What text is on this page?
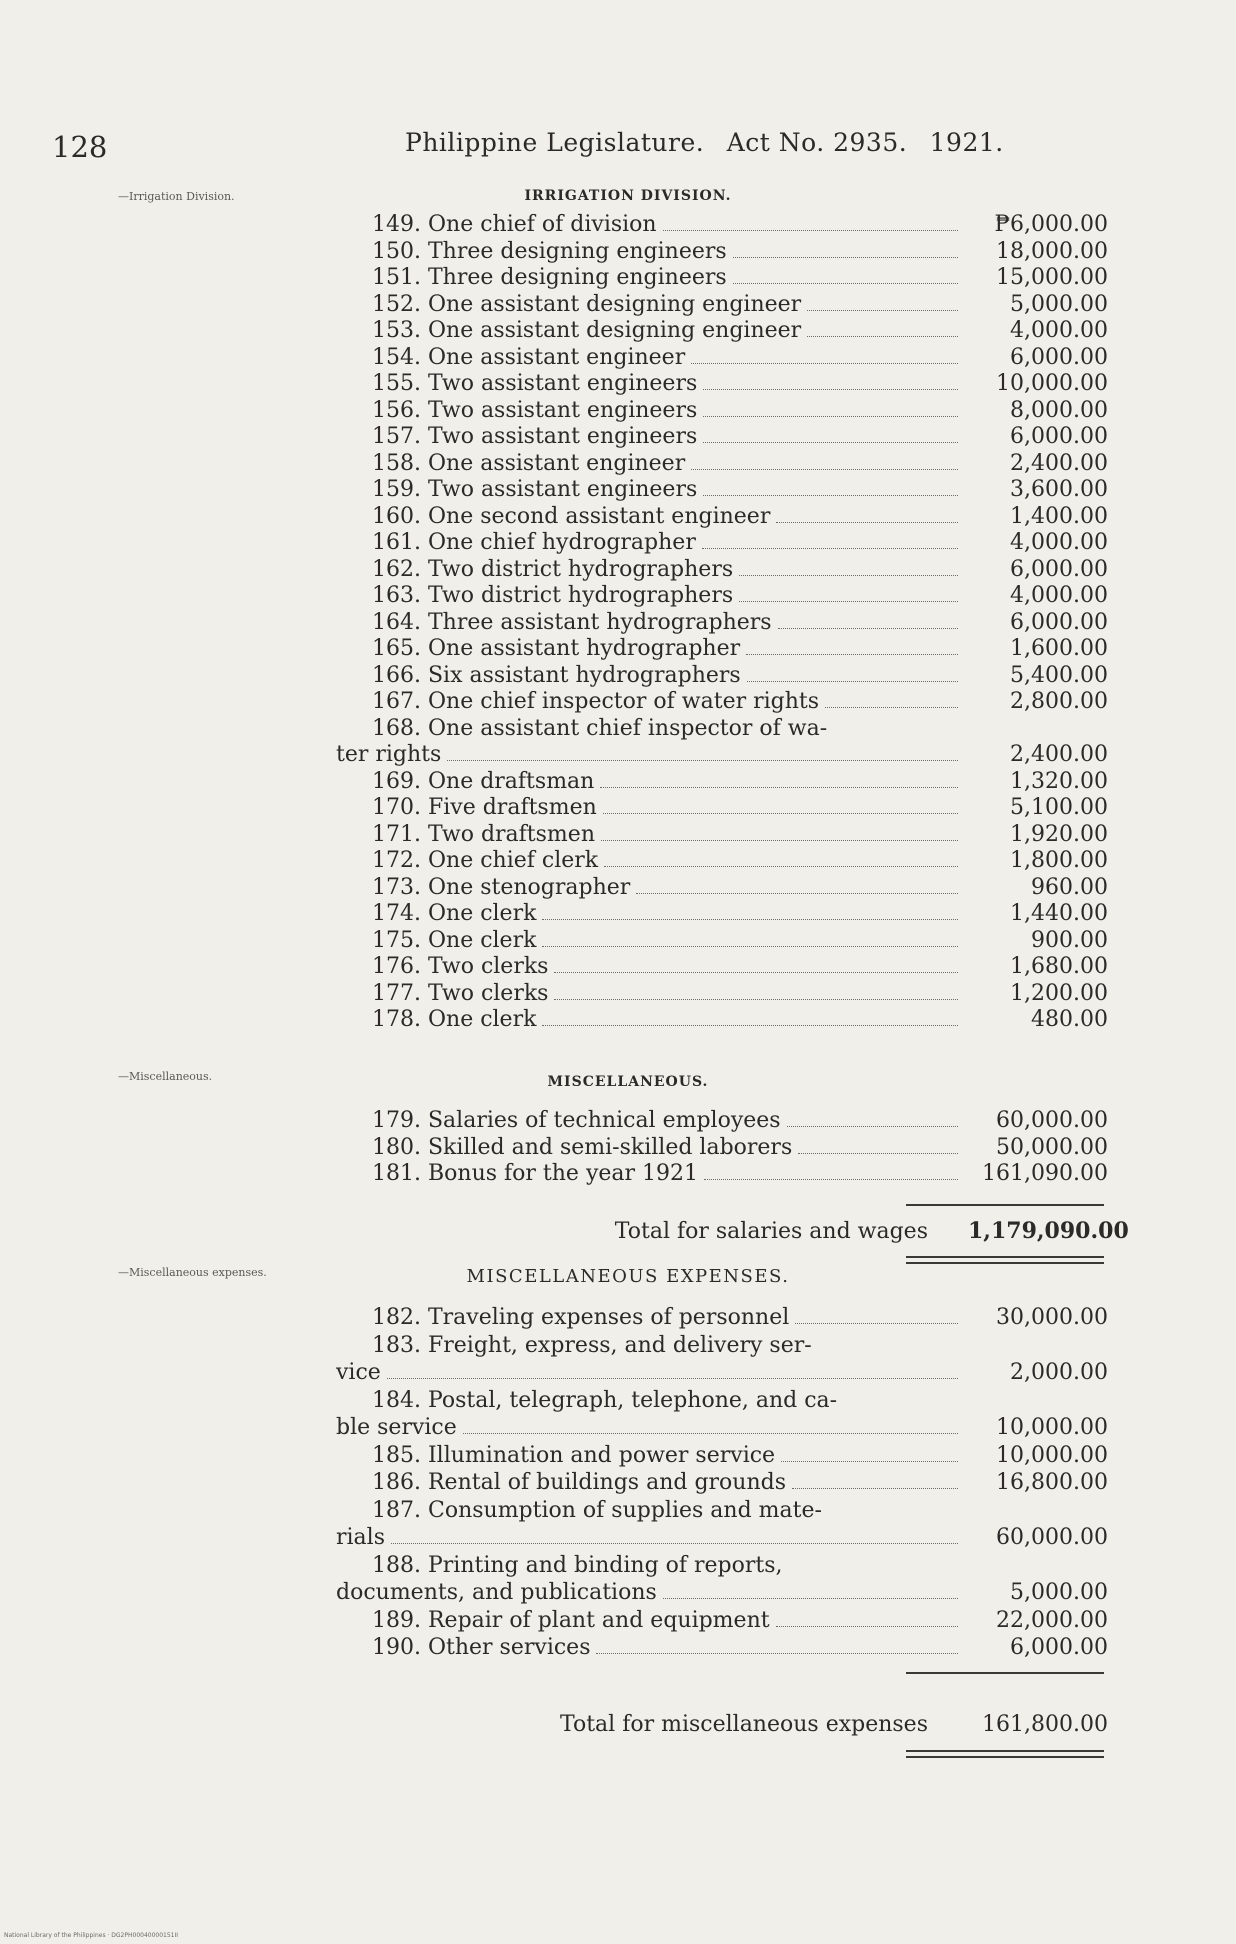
128	Philippine Legislature. Act No. 2935. 1921.
—Irrigation Division.	IRRIGATION DIVISION.
149. One chief of division	₱6,000.00
150. Three designing engineers	18,000.00
151. Three designing engineers	15,000.00
152. One assistant designing engineer	5,000.00
153. One assistant designing engineer	4,000.00
154. One assistant engineer	6,000.00
155. Two assistant engineers	10,000.00
156. Two assistant engineers	8,000.00
157. Two assistant engineers	6,000.00
158. One assistant engineer	2,400.00
159. Two assistant engineers	3,600.00
160. One second assistant engineer	1,400.00
161. One chief hydrographer	4,000.00
162. Two district hydrographers	6,000.00
163. Two district hydrographers	4,000.00
164. Three assistant hydrographers	6,000.00
165. One assistant hydrographer	1,600.00
166. Six assistant hydrographers	5,400.00
167. One chief inspector of water rights	2,800.00
168. One assistant chief inspector of wa-
ter rights	2,400.00
169. One draftsman	1,320.00
170. Five draftsmen	5,100.00
171. Two draftsmen	1,920.00
172. One chief clerk	1,800.00
173. One stenographer	960.00
174. One clerk	1,440.00
175. One clerk	900.00
176. Two clerks	1,680.00
177. Two clerks	1,200.00
178. One clerk	480.00
—Miscellaneous.	MISCELLANEOUS.
179. Salaries of technical employees	60,000.00
180. Skilled and semi-skilled laborers	50,000.00
181. Bonus for the year 1921	161,090.00
Total for salaries and wages	1,179,090.00
—Miscellaneous expenses.	MISCELLANEOUS EXPENSES.
182. Traveling expenses of personnel	30,000.00
183. Freight, express, and delivery ser-
vice	2,000.00
184. Postal, telegraph, telephone, and ca-
ble service	10,000.00
185. Illumination and power service	10,000.00
186. Rental of buildings and grounds	16,800.00
187. Consumption of supplies and mate-
rials	60,000.00
188. Printing and binding of reports,
documents, and publications	5,000.00
189. Repair of plant and equipment	22,000.00
190. Other services	6,000.00
Total for miscellaneous expenses	161,800.00
National Library of the Philippines · DG2PH00040000151II
